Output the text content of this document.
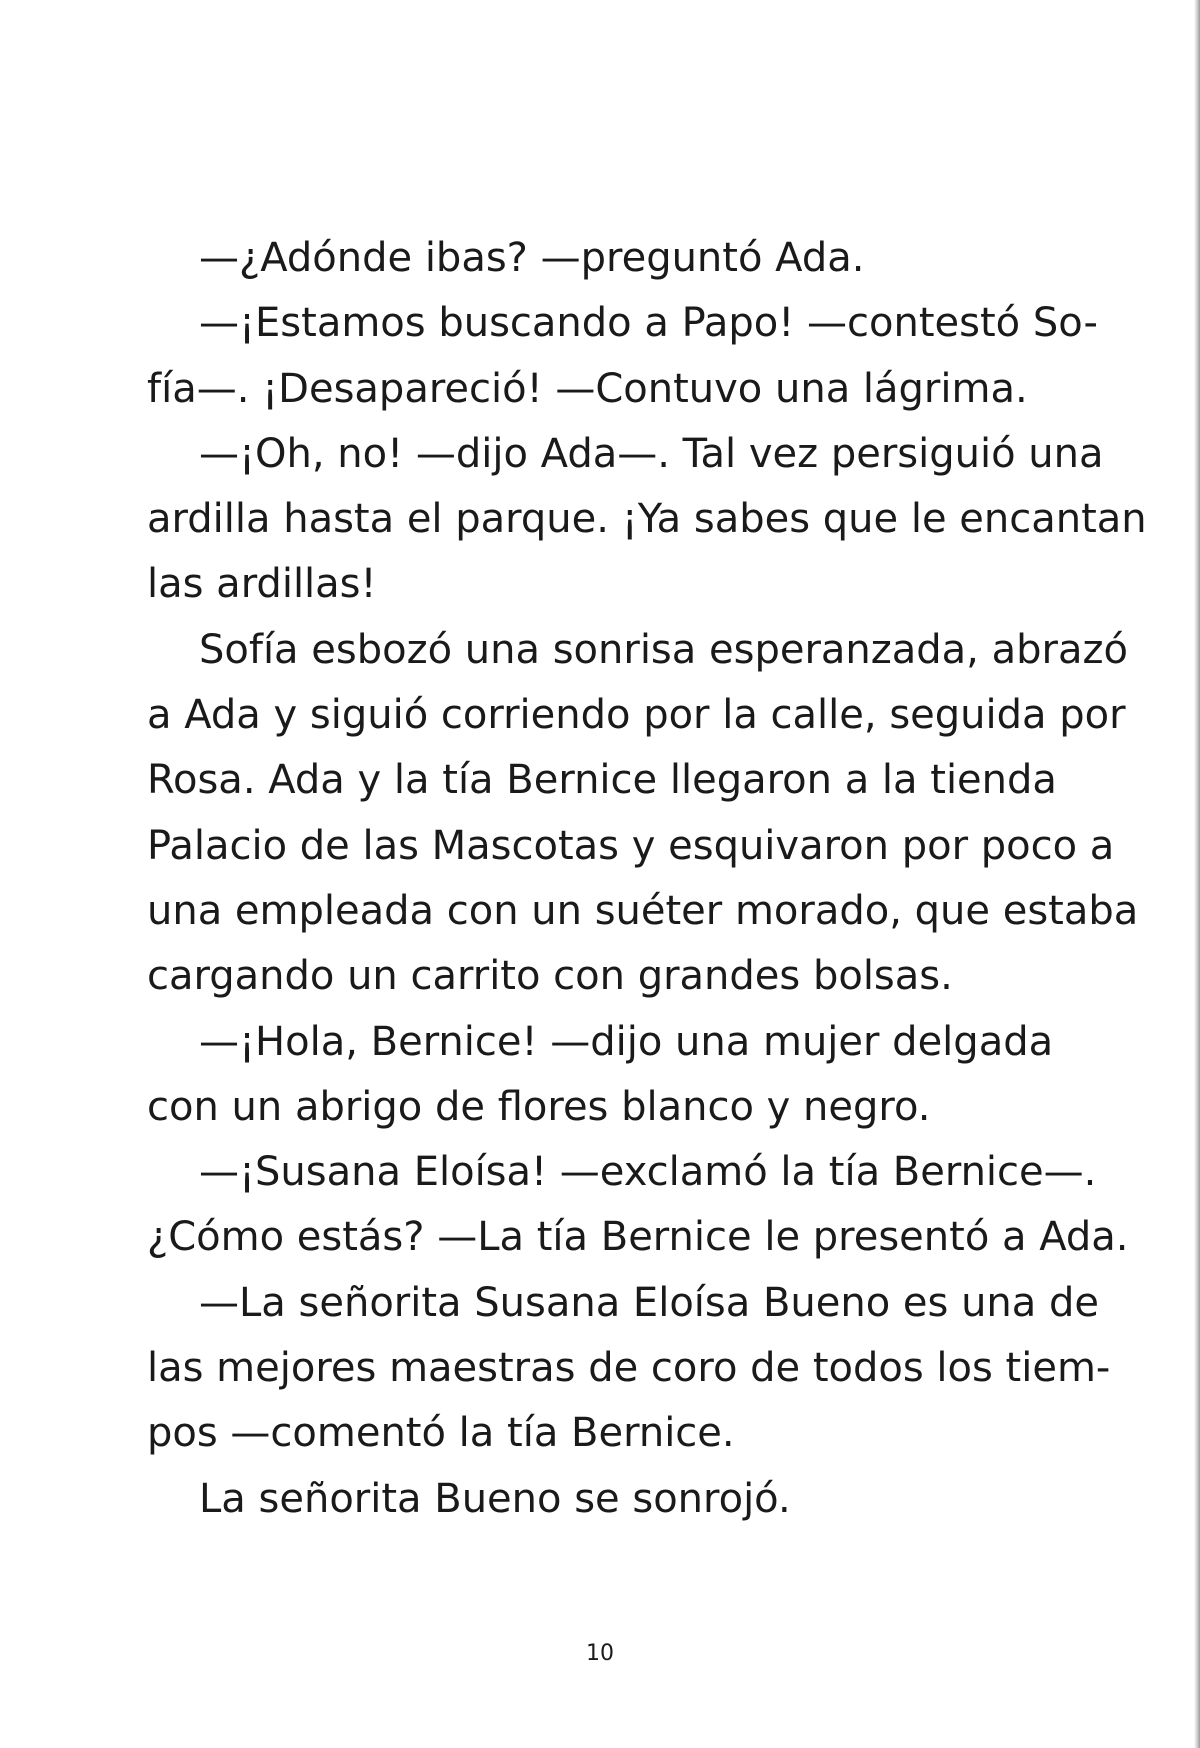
—¿Adónde ibas? —preguntó Ada.
—¡Estamos buscando a Papo! —contestó So-
fía—. ¡Desapareció! —Contuvo una lágrima.
—¡Oh, no! —dijo Ada—. Tal vez persiguió una
ardilla hasta el parque. ¡Ya sabes que le encantan
las ardillas!
Sofía esbozó una sonrisa esperanzada, abrazó
a Ada y siguió corriendo por la calle, seguida por
Rosa. Ada y la tía Bernice llegaron a la tienda
Palacio de las Mascotas y esquivaron por poco a
una empleada con un suéter morado, que estaba
cargando un carrito con grandes bolsas.
—¡Hola, Bernice! —dijo una mujer delgada
con un abrigo de flores blanco y negro.
—¡Susana Eloísa! —exclamó la tía Bernice—.
¿Cómo estás? —La tía Bernice le presentó a Ada.
—La señorita Susana Eloísa Bueno es una de
las mejores maestras de coro de todos los tiem-
pos —comentó la tía Bernice.
La señorita Bueno se sonrojó.
10
